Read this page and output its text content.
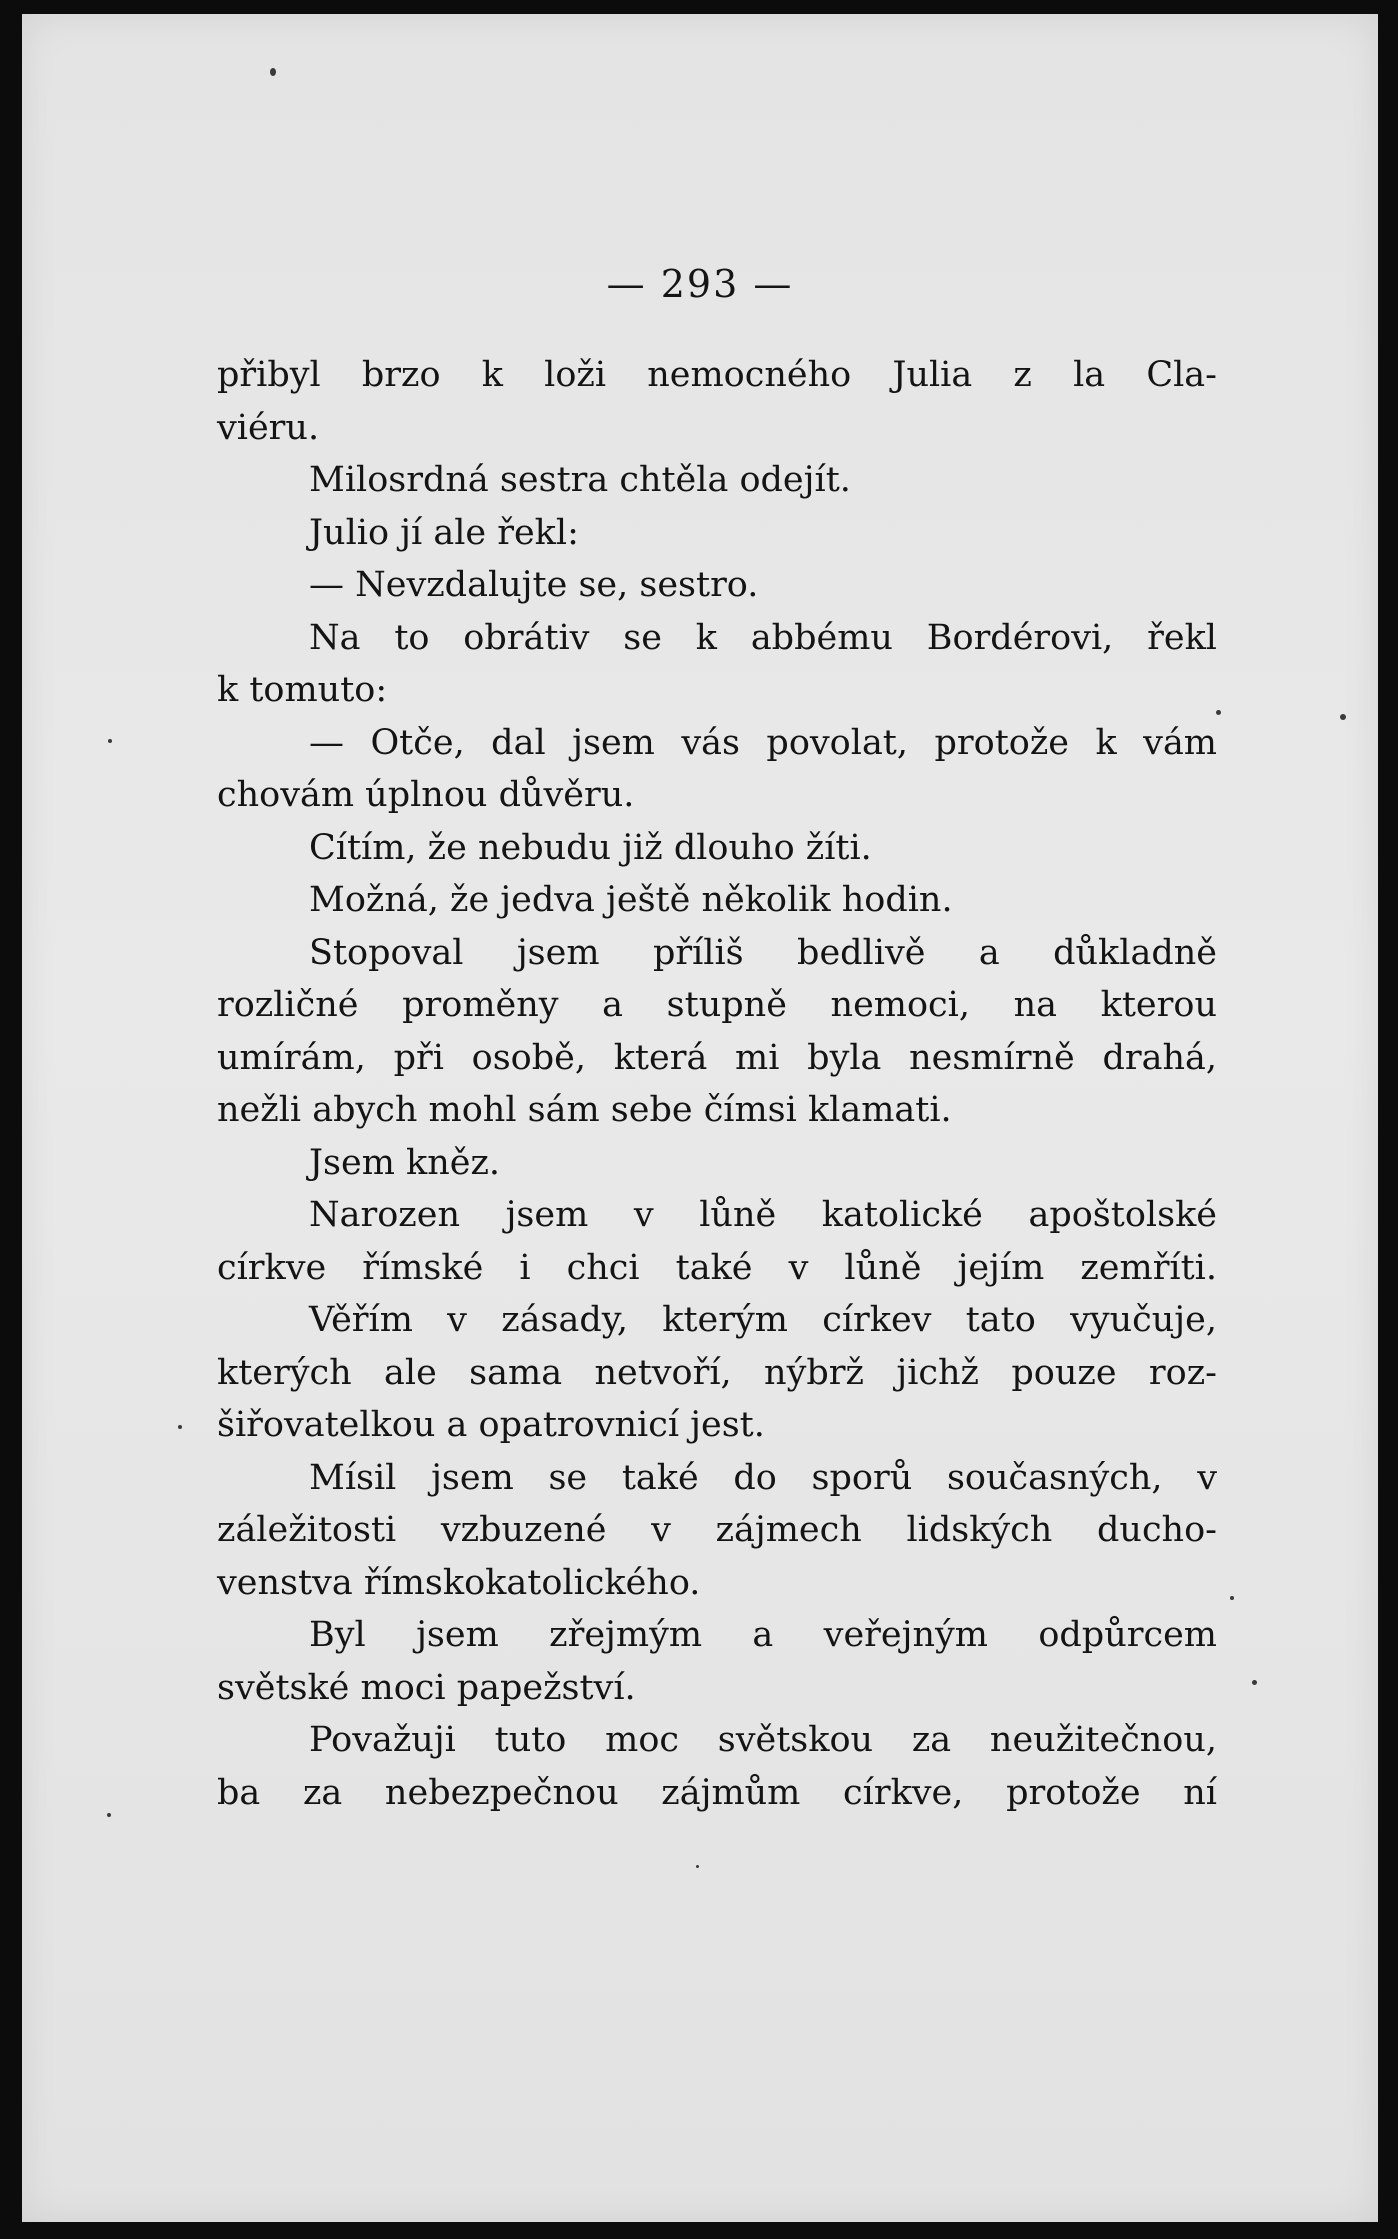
— 293 —
přibyl brzo k loži nemocného Julia z la Cla-
viéru.
Milosrdná sestra chtěla odejít.
Julio jí ale řekl:
— Nevzdalujte se, sestro.
Na to obrátiv se k abbému Bordérovi, řekl
k tomuto:
— Otče, dal jsem vás povolat, protože k vám
chovám úplnou důvěru.
Cítím, že nebudu již dlouho žíti.
Možná, že jedva ještě několik hodin.
Stopoval jsem příliš bedlivě a důkladně
rozličné proměny a stupně nemoci, na kterou
umírám, při osobě, která mi byla nesmírně drahá,
nežli abych mohl sám sebe čímsi klamati.
Jsem kněz.
Narozen jsem v lůně katolické apoštolské
církve římské i chci také v lůně jejím zemříti.
Věřím v zásady, kterým církev tato vyučuje,
kterých ale sama netvoří, nýbrž jichž pouze roz-
šiřovatelkou a opatrovnicí jest.
Mísil jsem se také do sporů současných, v
záležitosti vzbuzené v zájmech lidských ducho-
venstva římskokatolického.
Byl jsem zřejmým a veřejným odpůrcem
světské moci papežství.
Považuji tuto moc světskou za neužitečnou,
ba za nebezpečnou zájmům církve, protože ní
